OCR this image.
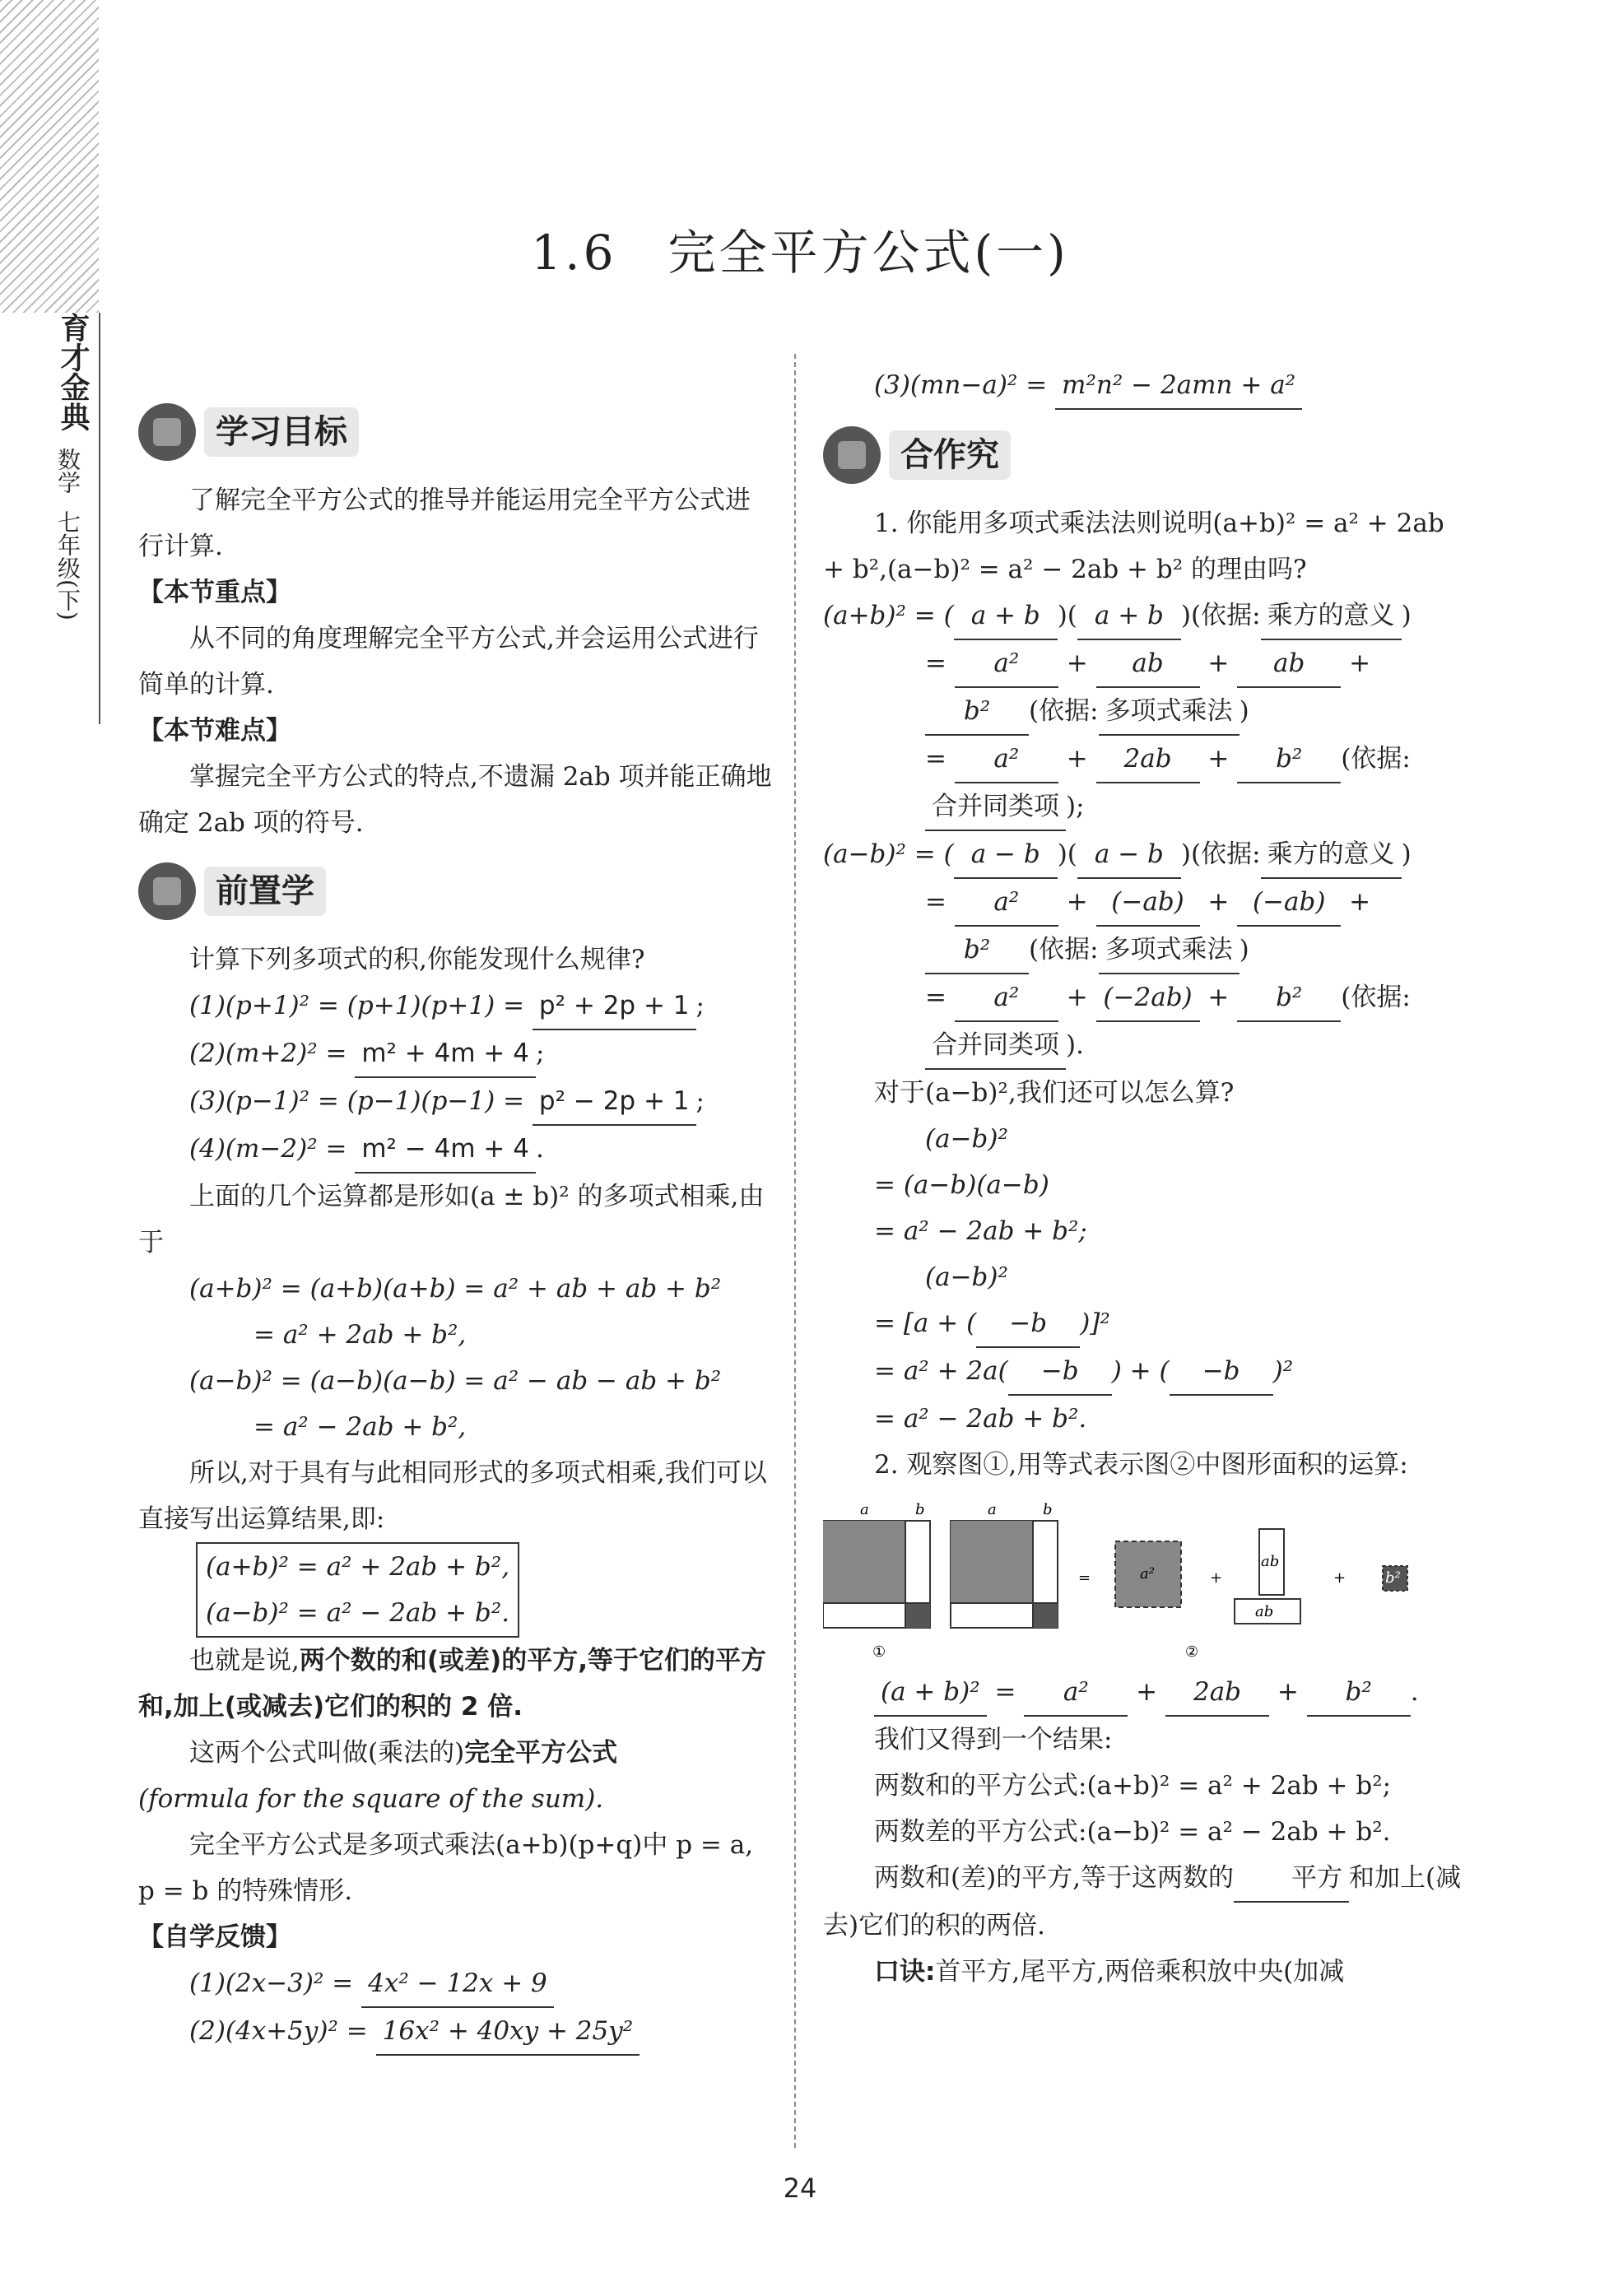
育才金典
数学
七年级(下)
1.6　完全平方公式(一)
学习目标
了解完全平方公式的推导并能运用完全平方公式进行计算.
【本节重点】
从不同的角度理解完全平方公式,并会运用公式进行简单的计算.
【本节难点】
掌握完全平方公式的特点,不遗漏 2ab 项并能正确地确定 2ab 项的符号.
前置学
计算下列多项式的积,你能发现什么规律?
(1)(p+1)² = (p+1)(p+1) = p² + 2p + 1 ;
(2)(m+2)² = m² + 4m + 4 ;
(3)(p−1)² = (p−1)(p−1) = p² − 2p + 1 ;
(4)(m−2)² = m² − 4m + 4 .
上面的几个运算都是形如(a ± b)² 的多项式相乘,由于
(a+b)² = (a+b)(a+b) = a² + ab + ab + b²
= a² + 2ab + b²,
(a−b)² = (a−b)(a−b) = a² − ab − ab + b²
= a² − 2ab + b²,
所以,对于具有与此相同形式的多项式相乘,我们可以直接写出运算结果,即:
(a+b)² = a² + 2ab + b²,
(a−b)² = a² − 2ab + b².
也就是说,两个数的和(或差)的平方,等于它们的平方和,加上(或减去)它们的积的 2 倍.
这两个公式叫做(乘法的)完全平方公式
(formula for the square of the sum).
完全平方公式是多项式乘法(a+b)(p+q)中 p = a, p = b 的特殊情形.
【自学反馈】
(1)(2x−3)² = 4x² − 12x + 9
(2)(4x+5y)² = 16x² + 40xy + 25y²
(3)(mn−a)² = m²n² − 2amn + a²
合作究
1. 你能用多项式乘法法则说明(a+b)² = a² + 2ab + b²,(a−b)² = a² − 2ab + b² 的理由吗?
(a+b)² = ( a + b )( a + b )(依据: 乘方的意义 )
= a² + ab + ab + b² (依据: 多项式乘法 )
= a² + 2ab + b² (依据:合并同类项 );
(a−b)² = ( a − b )( a − b )(依据: 乘方的意义 )
= a² + (−ab) + (−ab) + b² (依据: 多项式乘法 )
= a² + (−2ab) + b² (依据:合并同类项 ).
对于(a−b)²,我们还可以怎么算?
(a−b)²
= (a−b)(a−b)
= a² − 2ab + b²;
(a−b)²
= [a + ( −b )]²
= a² + 2a( −b ) + ( −b )²
= a² − 2ab + b².
2. 观察图①,用等式表示图②中图形面积的运算:
a	b	a	b
=	a²	+
ab
ab
+	b²
①	②
(a + b)² = a² + 2ab + b² .
我们又得到一个结果:
两数和的平方公式:(a+b)² = a² + 2ab + b²;
两数差的平方公式:(a−b)² = a² − 2ab + b².
两数和(差)的平方,等于这两数的 平方 和加上(减去)它们的积的两倍.
口诀:首平方,尾平方,两倍乘积放中央(加减
24
